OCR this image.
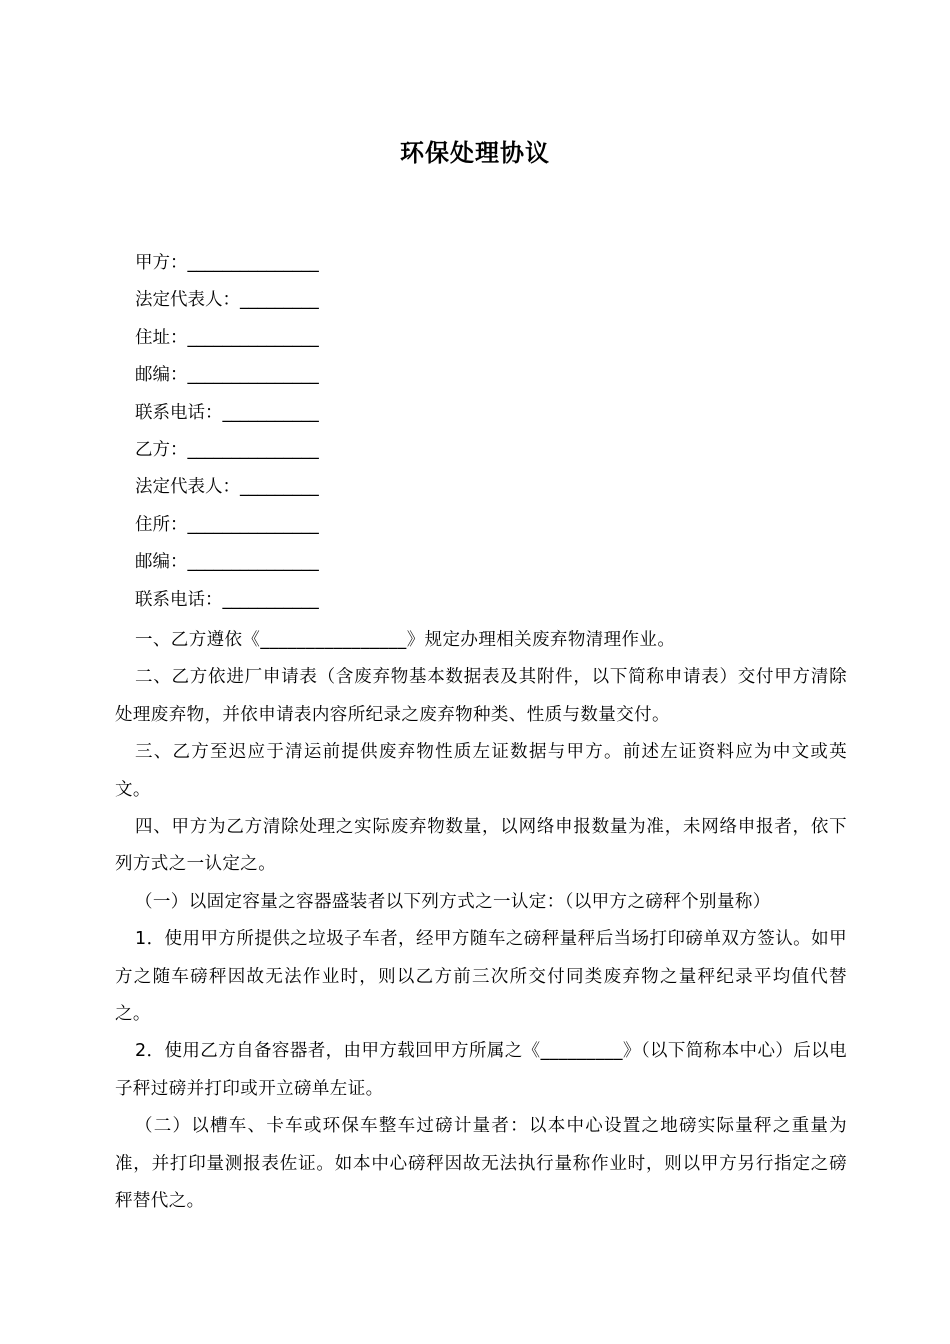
环保处理协议
甲方：_______________
法定代表人：_________
住址：_______________
邮编：_______________
联系电话：___________
乙方：_______________
法定代表人：_________
住所：_______________
邮编：_______________
联系电话：___________

一、乙方遵依《________________》规定办理相关废弃物清理作业。

二、乙方依进厂申请表（含废弃物基本数据表及其附件，以下简称申请表）交付甲方清除处理废弃物，并依申请表内容所纪录之废弃物种类、性质与数量交付。

三、乙方至迟应于清运前提供废弃物性质左证数据与甲方。前述左证资料应为中文或英文。

四、甲方为乙方清除处理之实际废弃物数量，以网络申报数量为准，未网络申报者，依下列方式之一认定之。

（一）以固定容量之容器盛装者以下列方式之一认定：（以甲方之磅秤个别量称）

1．使用甲方所提供之垃圾子车者，经甲方随车之磅秤量秤后当场打印磅单双方签认。如甲方之随车磅秤因故无法作业时，则以乙方前三次所交付同类废弃物之量秤纪录平均值代替之。

2．使用乙方自备容器者，由甲方载回甲方所属之《_________》（以下简称本中心）后以电子秤过磅并打印或开立磅单左证。

（二）以槽车、卡车或环保车整车过磅计量者：以本中心设置之地磅实际量秤之重量为准，并打印量测报表佐证。如本中心磅秤因故无法执行量称作业时，则以甲方另行指定之磅秤替代之。
